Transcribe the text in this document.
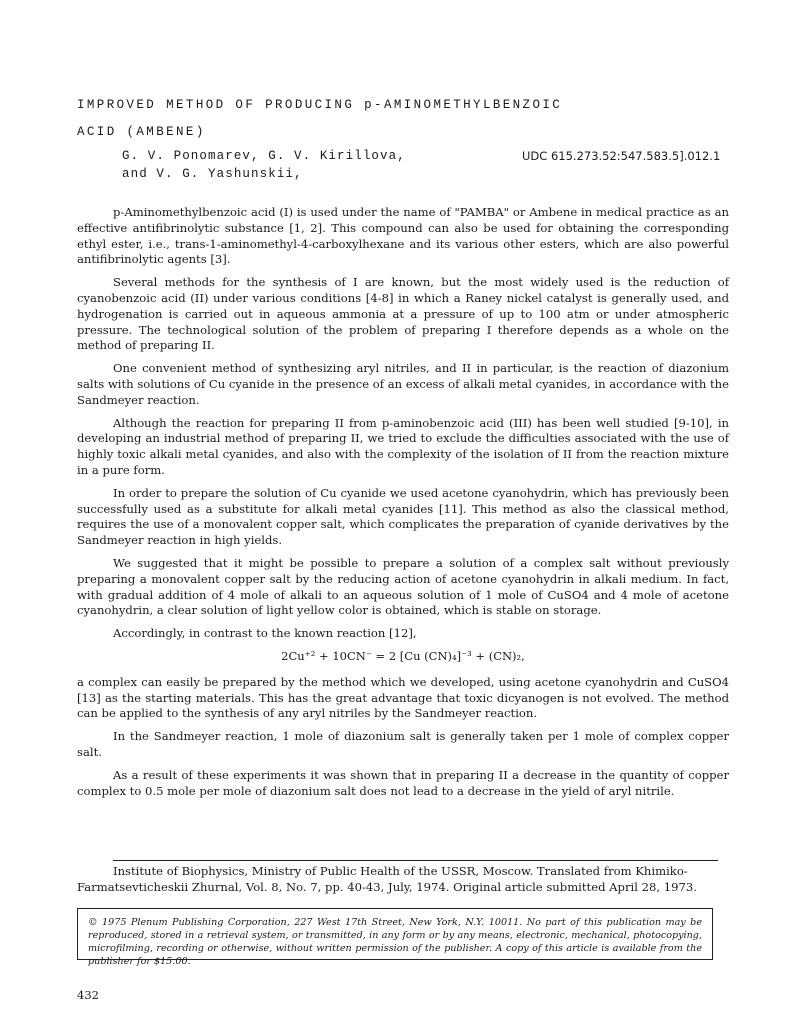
IMPROVED METHOD OF PRODUCING p-AMINOMETHYLBENZOIC
ACID (AMBENE)
G. V. Ponomarev, G. V. Kirillova,
and V. G. Yashunskii,
UDC 615.273.52:547.583.5].012.1

p-Aminomethylbenzoic acid (I) is used under the name of "PAMBA" or Ambene in medical practice as an effective antifibrinolytic substance [1, 2]. This compound can also be used for obtaining the corresponding ethyl ester, i.e., trans-1-aminomethyl-4-carboxylhexane and its various other esters, which are also powerful antifibrinolytic agents [3].

Several methods for the synthesis of I are known, but the most widely used is the reduction of cyanobenzoic acid (II) under various conditions [4-8] in which a Raney nickel catalyst is generally used, and hydrogenation is carried out in aqueous ammonia at a pressure of up to 100 atm or under atmospheric pressure. The technological solution of the problem of preparing I therefore depends as a whole on the method of preparing II.

One convenient method of synthesizing aryl nitriles, and II in particular, is the reaction of diazonium salts with solutions of Cu cyanide in the presence of an excess of alkali metal cyanides, in accordance with the Sandmeyer reaction.

Although the reaction for preparing II from p-aminobenzoic acid (III) has been well studied [9-10], in developing an industrial method of preparing II, we tried to exclude the difficulties associated with the use of highly toxic alkali metal cyanides, and also with the complexity of the isolation of II from the reaction mixture in a pure form.

In order to prepare the solution of Cu cyanide we used acetone cyanohydrin, which has previously been successfully used as a substitute for alkali metal cyanides [11]. This method as also the classical method, requires the use of a monovalent copper salt, which complicates the preparation of cyanide derivatives by the Sandmeyer reaction in high yields.

We suggested that it might be possible to prepare a solution of a complex salt without previously preparing a monovalent copper salt by the reducing action of acetone cyanohydrin in alkali medium. In fact, with gradual addition of 4 mole of alkali to an aqueous solution of 1 mole of CuSO4 and 4 mole of acetone cyanohydrin, a clear solution of light yellow color is obtained, which is stable on storage.

Accordingly, in contrast to the known reaction [12],

2Cu⁺² + 10CN⁻ = 2 [Cu (CN)₄]⁻³ + (CN)₂,

a complex can easily be prepared by the method which we developed, using acetone cyanohydrin and CuSO4 [13] as the starting materials. This has the great advantage that toxic dicyanogen is not evolved. The method can be applied to the synthesis of any aryl nitriles by the Sandmeyer reaction.

In the Sandmeyer reaction, 1 mole of diazonium salt is generally taken per 1 mole of complex copper salt.

As a result of these experiments it was shown that in preparing II a decrease in the quantity of copper complex to 0.5 mole per mole of diazonium salt does not lead to a decrease in the yield of aryl nitrile.

Institute of Biophysics, Ministry of Public Health of the USSR, Moscow. Translated from Khimiko-Farmatsevticheskii Zhurnal, Vol. 8, No. 7, pp. 40-43, July, 1974. Original article submitted April 28, 1973.
© 1975 Plenum Publishing Corporation, 227 West 17th Street, New York, N.Y. 10011. No part of this publication may be reproduced, stored in a retrieval system, or transmitted, in any form or by any means, electronic, mechanical, photocopying, microfilming, recording or otherwise, without written permission of the publisher. A copy of this article is available from the publisher for $15.00.
432
